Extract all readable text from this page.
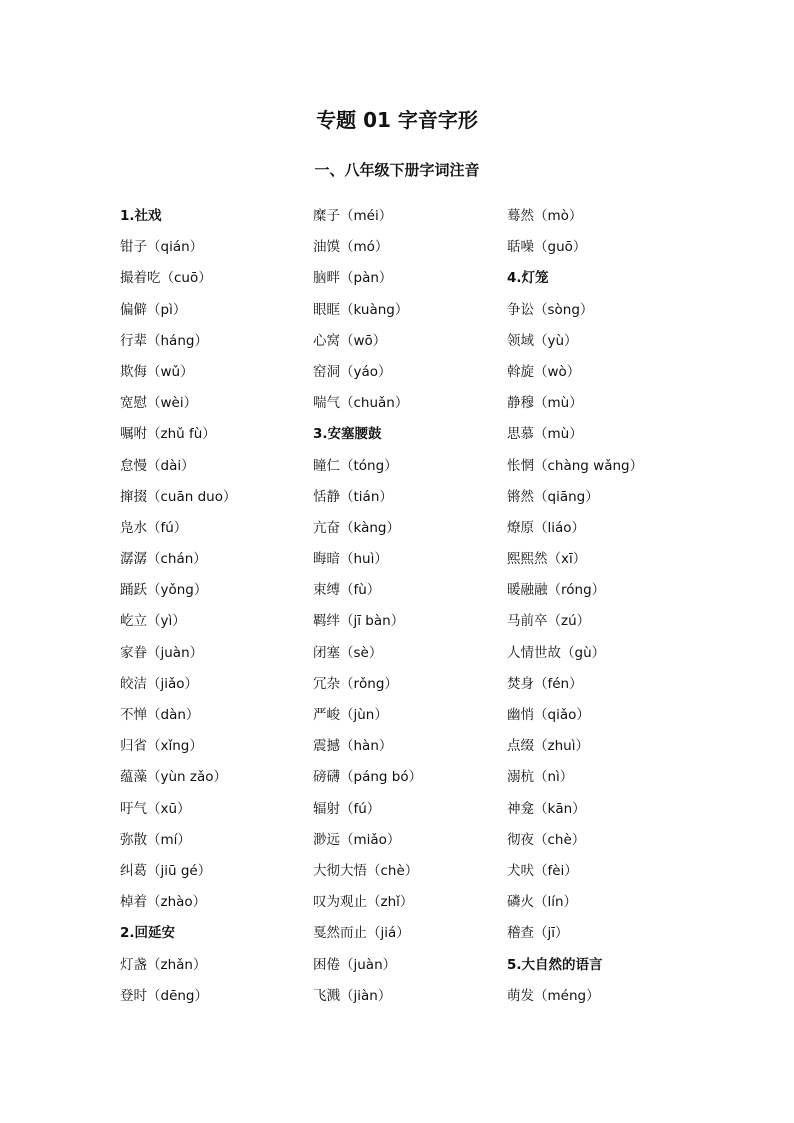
专题 01 字音字形
一、八年级下册字词注音
1.社戏
钳子（qián）
撮着吃（cuō）
偏僻（pì）
行辈（háng）
欺侮（wǔ）
宽慰（wèi）
嘱咐（zhǔ fù）
怠慢（dài）
撺掇（cuān duo）
凫水（fú）
潺潺（chán）
踊跃（yǒng）
屹立（yì）
家眷（juàn）
皎洁（jiǎo）
不惮（dàn）
归省（xǐng）
蕴藻（yùn zǎo）
吁气（xū）
弥散（mí）
纠葛（jiū gé）
棹着（zhào）
2.回延安
灯盏（zhǎn）
登时（dēng）
糜子（méi）
油馍（mó）
脑畔（pàn）
眼眶（kuàng）
心窝（wō）
窑洞（yáo）
喘气（chuǎn）
3.安塞腰鼓
瞳仁（tóng）
恬静（tián）
亢奋（kàng）
晦暗（huì）
束缚（fù）
羁绊（jī bàn）
闭塞（sè）
冗杂（rǒng）
严峻（jùn）
震撼（hàn）
磅礴（páng bó）
辐射（fú）
渺远（miǎo）
大彻大悟（chè）
叹为观止（zhǐ）
戛然而止（jiá）
困倦（juàn）
飞溅（jiàn）
蓦然（mò）
聒噪（guō）
4.灯笼
争讼（sòng）
领域（yù）
斡旋（wò）
静穆（mù）
思慕（mù）
怅惘（chàng wǎng）
锵然（qiāng）
燎原（liáo）
熙熙然（xī）
暖融融（róng）
马前卒（zú）
人情世故（gù）
焚身（fén）
幽悄（qiǎo）
点缀（zhuì）
溺杭（nì）
神龛（kān）
彻夜（chè）
犬吠（fèi）
磷火（lín）
稽查（jī）
5.大自然的语言
萌发（méng）
